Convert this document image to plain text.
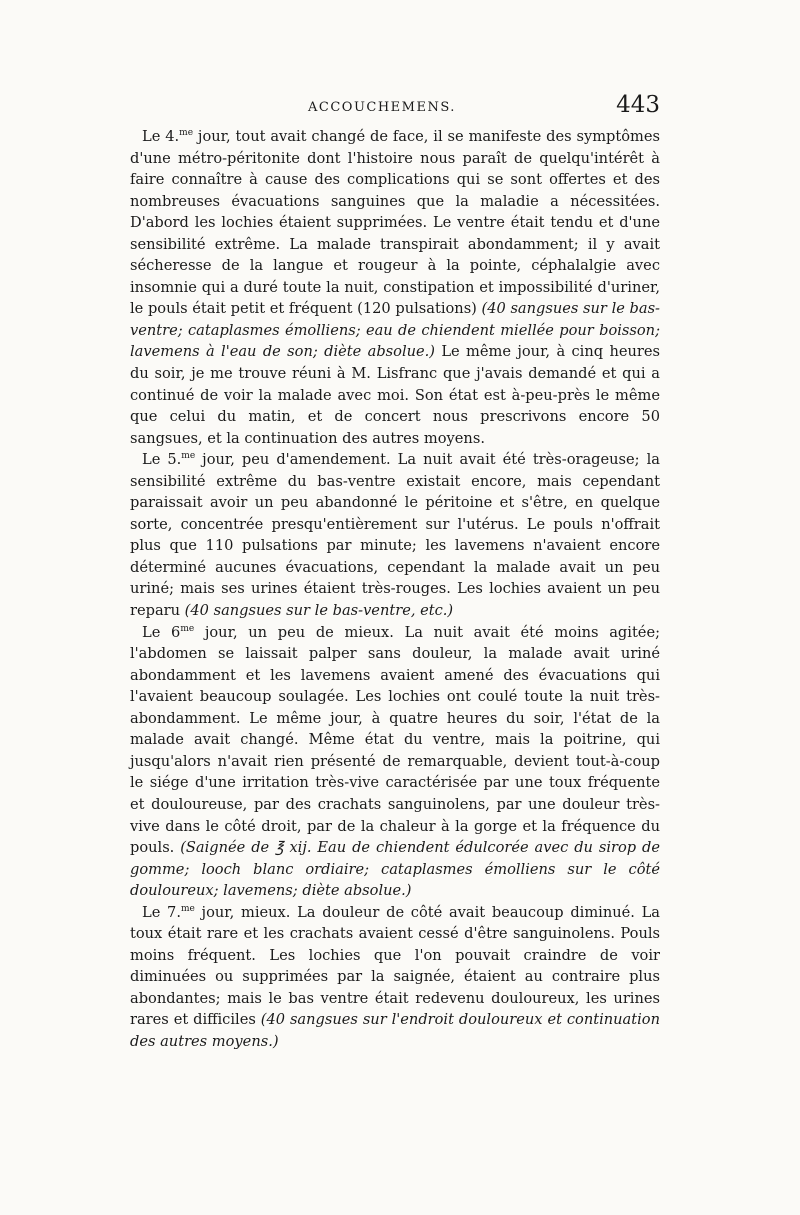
ACCOUCHEMENS.	443

Le 4.$^{me}$ jour, tout avait changé de face, il se manifeste des symptômes d'une métro-péritonite dont l'histoire nous paraît de quelqu'intérêt à faire connaître à cause des complications qui se sont offertes et des nombreuses évacuations sanguines que la maladie a nécessitées. D'abord les lochies étaient supprimées. Le ventre était tendu et d'une sensibilité extrême. La malade transpirait abondamment; il y avait sécheresse de la langue et rougeur à la pointe, céphalalgie avec insomnie qui a duré toute la nuit, constipation et impossibilité d'uriner, le pouls était petit et fréquent (120 pulsations) (40 sangsues sur le bas-ventre; cataplasmes émolliens; eau de chiendent miellée pour boisson; lavemens à l'eau de son; diète absolue.) Le même jour, à cinq heures du soir, je me trouve réuni à M. Lisfranc que j'avais demandé et qui a continué de voir la malade avec moi. Son état est à-peu-près le même que celui du matin, et de concert nous prescrivons encore 50 sangsues, et la continuation des autres moyens.

Le 5.$^{me}$ jour, peu d'amendement. La nuit avait été très-orageuse; la sensibilité extrême du bas-ventre existait encore, mais cependant paraissait avoir un peu abandonné le péritoine et s'être, en quelque sorte, concentrée presqu'entièrement sur l'utérus. Le pouls n'offrait plus que 110 pulsations par minute; les lavemens n'avaient encore déterminé aucunes évacuations, cependant la malade avait un peu uriné; mais ses urines étaient très-rouges. Les lochies avaient un peu reparu (40 sangsues sur le bas-ventre, etc.)

Le $6^{me}$ jour, un peu de mieux. La nuit avait été moins agitée; l'abdomen se laissait palper sans douleur, la malade avait uriné abondamment et les lavemens avaient amené des évacuations qui l'avaient beaucoup soulagée. Les lochies ont coulé toute la nuit très-abondamment. Le même jour, à quatre heures du soir, l'état de la malade avait changé. Même état du ventre, mais la poitrine, qui jusqu'alors n'avait rien présenté de remarquable, devient tout-à-coup le siége d'une irritation très-vive caractérisée par une toux fréquente et douloureuse, par des crachats sanguinolens, par une douleur très-vive dans le côté droit, par de la chaleur à la gorge et la fréquence du pouls. (Saignée de ℥ xij. Eau de chiendent édulcorée avec du sirop de gomme; looch blanc ordiaire; cataplasmes émolliens sur le côté douloureux; lavemens; diète absolue.)

Le 7.$^{me}$ jour, mieux. La douleur de côté avait beaucoup diminué. La toux était rare et les crachats avaient cessé d'être sanguinolens. Pouls moins fréquent. Les lochies que l'on pouvait craindre de voir diminuées ou supprimées par la saignée, étaient au contraire plus abondantes; mais le bas ventre était redevenu douloureux, les urines rares et difficiles (40 sangsues sur l'endroit douloureux et continuation des autres moyens.)
